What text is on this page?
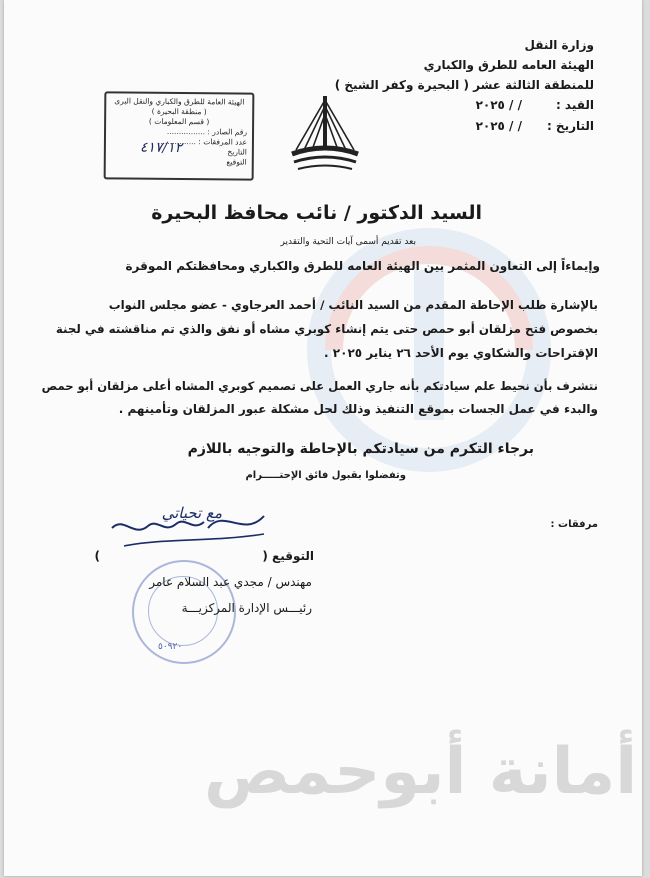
أمانة أبوحمص
وزارة النقل
الهيئة العامه للطرق والكباري
للمنطقة الثالثة عشر ( البحيرة وكفر الشيخ )
القيد :
/ / ٢٠٢٥
التاريخ :
/ / ٢٠٢٥
الهيئة العامة للطرق والكباري والنقل البرى
( منطقة البحيرة )
( قسم المعلومات )
رقم الصادر : ................
عدد المرفقات : ................
التاريخ
التوقيع
٤١٧/١٢
السيد الدكتور / نائب محافظ البحيرة
بعد تقديم أسمى آيات التحية والتقدير
وإيماءاً إلى التعاون المثمر بين الهيئة العامه للطرق والكباري ومحافظتكم الموقرة
بالإشارة طلب الإحاطة المقدم من السيد النائب / أحمد العرجاوي - عضو مجلس النواب
بخصوص فتح مزلقان أبو حمص حتى يتم إنشاء كوبري مشاه أو نفق والذي تم مناقشته في لجنة
الإقتراحات والشكاوي يوم الأحد ٢٦ يناير ٢٠٢٥ .
نتشرف بأن نحيط علم سيادتكم بأنه جاري العمل على تصميم كوبري المشاه أعلى مزلقان أبو حمص
والبدء في عمل الجسات بموقع التنفيذ وذلك لحل مشكلة عبور المزلقان وتأمينهم .
برجاء التكرم من سيادتكم بالإحاطة والتوجيه باللازم
وتفضلوا بقبول فائق الإحتـــــرام
مرفقات :
٥٠٩٢٠
مع تحياتي
التوقيع (
)
مهندس / مجدي عبد السلام عامر
رئيـــس الإدارة المركزيـــة
